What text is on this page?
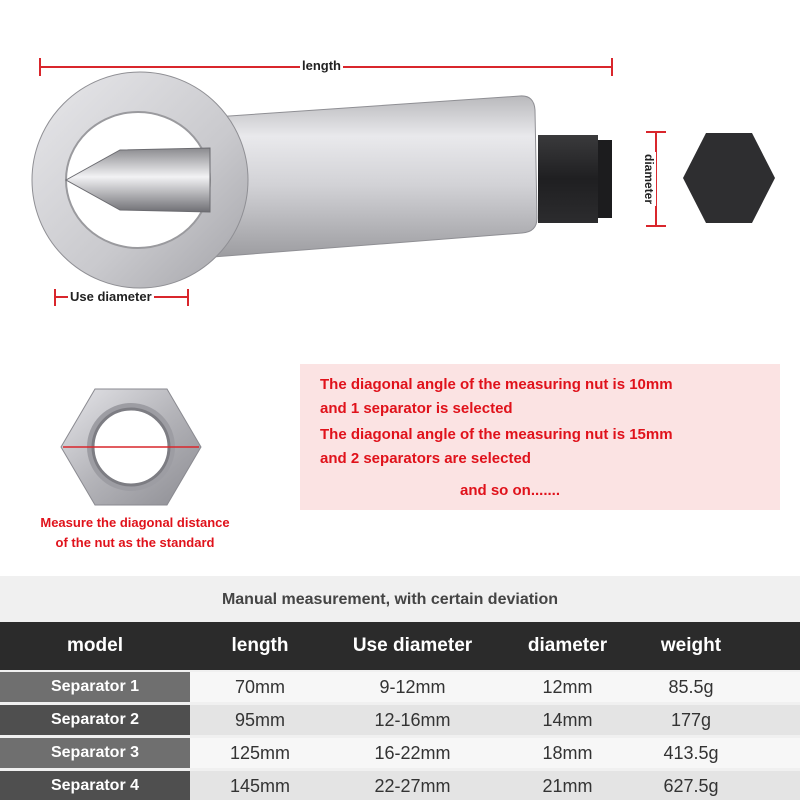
length
Use diameter
diameter
Measure the diagonal distance
of the nut as the standard
The diagonal angle of the measuring nut is 10mm
and 1 separator is selected
The diagonal angle of the measuring nut is 15mm
and 2 separators are selected
and so on.......
Manual measurement, with certain deviation
model	length	Use diameter	diameter	weight
Separator 1	70mm	9-12mm	12mm	85.5g
Separator 2	95mm	12-16mm	14mm	177g
Separator 3	125mm	16-22mm	18mm	413.5g
Separator 4	145mm	22-27mm	21mm	627.5g
